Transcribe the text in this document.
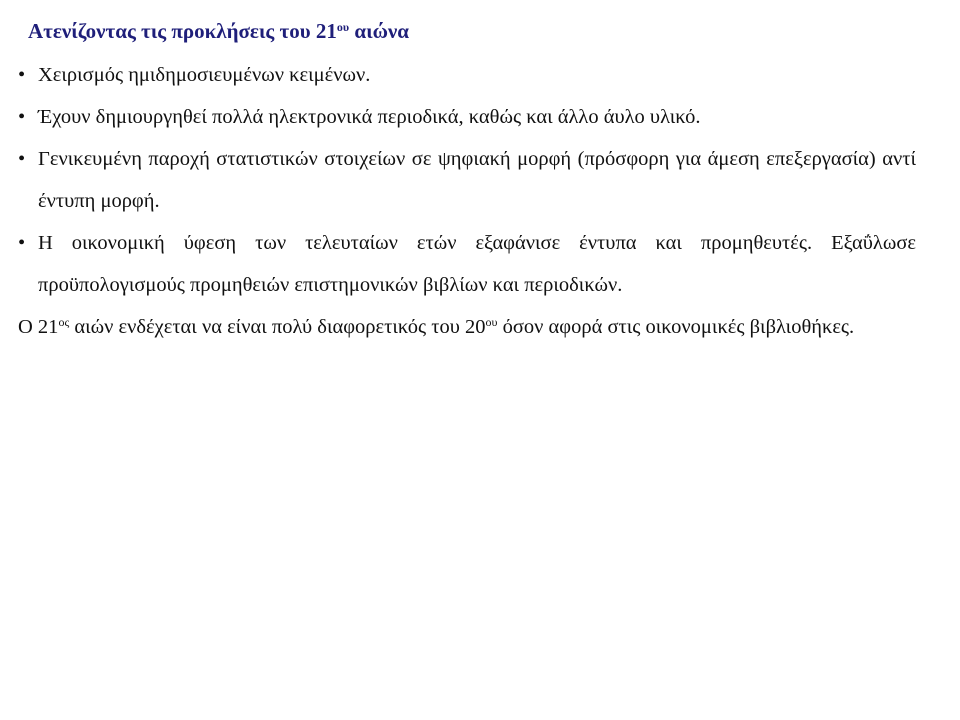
Ατενίζοντας τις προκλήσεις του $21^{o\upsilon}$ αιώνα
• Χειρισμός ημιδημοσιευμένων κειμένων.
• Έχουν δημιουργηθεί πολλά ηλεκτρονικά περιοδικά, καθώς και άλλο άυλο υλικό.
• Γενικευμένη παροχή στατιστικών στοιχείων σε ψηφιακή μορφή (πρόσφορη για άμεση επεξεργασία) αντί έντυπη μορφή.
• Η οικονομική ύφεση των τελευταίων ετών εξαφάνισε έντυπα και προμηθευτές. Εξαΰλωσε προϋπολογισμούς προμηθειών επιστημονικών βιβλίων και περιοδικών.
Ο $21^{o\varsigma}$ αιών ενδέχεται να είναι πολύ διαφορετικός του $20^{o\upsilon}$ όσον αφορά στις οικονομικές βιβλιοθήκες.
